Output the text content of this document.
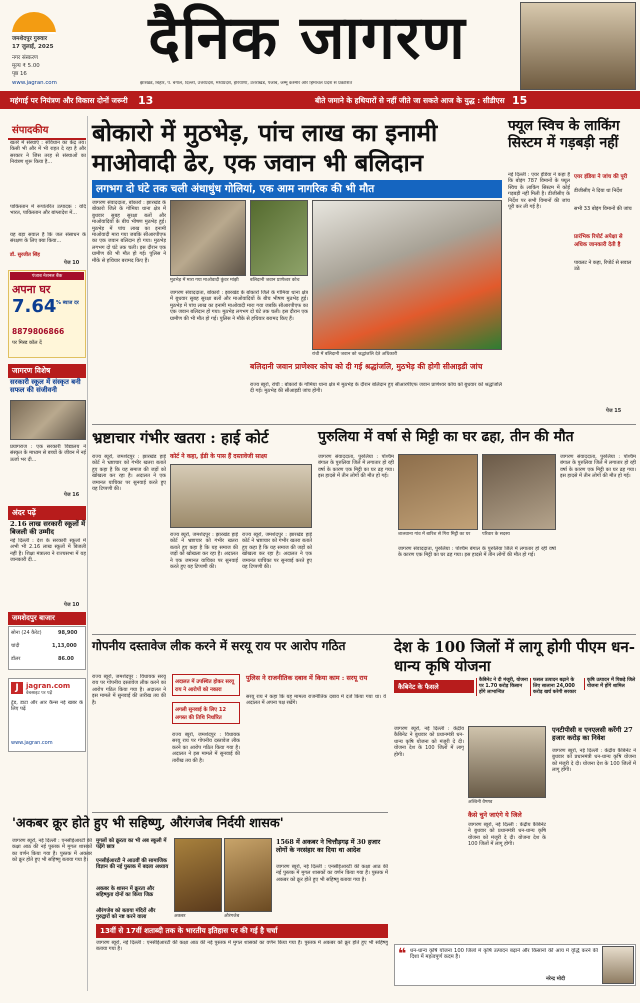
जमशेदपुर गुरुवार
17 जुलाई, 2025
नगर संस्करण
मूल्य ₹ 5.00
पृष्ठ 16
www.jagran.com
दैनिक जागरण
झारखंड, बिहार, प. बंगाल, दिल्ली, उत्तरप्रदेश, मध्यप्रदेश, हरियाणा, उत्तराखंड, पंजाब, जम्मू कश्मीर और हिमाचल प्रदेश से प्रकाशित
महंगाई पर नियंत्रण और विकास दोनों जरूरी 13	बीते जमाने के हथियारों से नहीं जीते जा सकते आज के युद्ध : सीडीएस 15
संपादकीय
खतरे में संस्थाएं : संविधान का केंद्र तय। किसी भी और में भी राहत दे रहा है और सरकार ने जिस तरह से संस्थाओं का नियंत्रण शुरू किया है...
पाकिस्तान में रूपांतरित उत्पादक : यदि भारत, पाकिस्तान और बांग्लादेश में...
यह बड़ा सवाल है कि जल संसाधन के संरक्षण के लिए क्या किया...
डॉ. सुरजीत सिंह
पेज 10
पंजाब नेशनल बैंक
अपना घर
7.64 % ब्याज दर
8879806866
पर मिस्ड कॉल दें
जागरण विशेष
सरकारी स्कूल में संस्कृत बनी सफल की संजीवनी
प्रयागराज : एक सरकारी विद्यालय ने संस्कृत के माध्यम से बच्चों के जीवन में नई ऊर्जा भर दी...
पेज 16
अंदर पढ़ें
2.16 लाख सरकारी स्कूलों में बिजली की उम्मीद
नई दिल्ली : देश के सरकारी स्कूलों में अभी भी 2.16 लाख स्कूलों में बिजली नहीं है। शिक्षा मंत्रालय ने राज्यसभा में यह जानकारी दी...
पेज 10
जमशेदपुर बाजार
सोना (24 कैरेट)	98,900
चांदी	1,13,000
डॉलर	86.00
J	jagran.com
वेबसाइट पर पढ़ें
ट्रेंड, डाटा और आर कैन्स नई खबर के लिए पढ़ें
www.jagran.com
बोकारो में मुठभेड़, पांच लाख का इनामी माओवादी ढेर, एक जवान भी बलिदान
लगभग दो घंटे तक चली अंधाधुंध गोलियां, एक आम नागरिक की भी मौत
जागरण संवाददाता, बोकारो : झारखंड के बोकारो जिले के गोमिया थाना क्षेत्र में बुधवार सुबह सुरक्षा बलों और माओवादियों के बीच भीषण मुठभेड़ हुई। मुठभेड़ में पांच लाख का इनामी माओवादी मारा गया जबकि सीआरपीएफ का एक जवान बलिदान हो गया। मुठभेड़ लगभग दो घंटे तक चली। इस दौरान एक ग्रामीण की भी मौत हो गई। पुलिस ने मौके से हथियार बरामद किए हैं।
मुठभेड़ में मारा गया माओवादी कुंवर मांझी	बलिदानी जवान प्राणेश्वर कोच
रांची में बलिदानी जवान को श्रद्धांजलि देते अधिकारी
जागरण संवाददाता, बोकारो : झारखंड के बोकारो जिले के गोमिया थाना क्षेत्र में बुधवार सुबह सुरक्षा बलों और माओवादियों के बीच भीषण मुठभेड़ हुई। मुठभेड़ में पांच लाख का इनामी माओवादी मारा गया जबकि सीआरपीएफ का एक जवान बलिदान हो गया। मुठभेड़ लगभग दो घंटे तक चली। इस दौरान एक ग्रामीण की भी मौत हो गई। पुलिस ने मौके से हथियार बरामद किए हैं।
बलिदानी जवान प्राणेश्वर कोच को दी गई श्रद्धांजलि, मुठभेड़ की होगी सीआइडी जांच
राज्य ब्यूरो, रांची : बोकारो के गोमिया थाना क्षेत्र में मुठभेड़ के दौरान बलिदान हुए सीआरपीएफ जवान प्राणेश्वर कोच को बुधवार को श्रद्धांजलि दी गई। मुठभेड़ की सीआइडी जांच होगी।
फ्यूल स्विच के लाकिंग सिस्टम में गड़बड़ी नहीं
नई दिल्ली : एयर इंडिया ने कहा है कि बोइंग 787 विमानों के फ्यूल स्विच के लाकिंग सिस्टम में कोई गड़बड़ी नहीं मिली है। डीजीसीए के निर्देश पर सभी विमानों की जांच पूरी कर ली गई है।
एयर इंडिया ने जांच की पूरी
डीजीसीए ने दिया था निर्देश
सभी 33 बोइंग विमानों की जांच
प्रारंभिक रिपोर्ट अपेक्षा से अधिक जानकारी देती है
पायलट ने कहा, रिपोर्ट से सवाल उठे
पेज 15
भ्रष्टाचार गंभीर खतरा : हाई कोर्ट
राज्य ब्यूरो, जमशेदपुर : झारखंड हाई कोर्ट ने भ्रष्टाचार को गंभीर खतरा बताते हुए कहा है कि यह समाज की जड़ों को खोखला कर रहा है। अदालत ने एक जमानत याचिका पर सुनवाई करते हुए यह टिप्पणी की।
कोर्ट ने कहा, ईडी के पास हैं दस्तावेजी साक्ष्य
राज्य ब्यूरो, जमशेदपुर : झारखंड हाई कोर्ट ने भ्रष्टाचार को गंभीर खतरा बताते हुए कहा है कि यह समाज की जड़ों को खोखला कर रहा है। अदालत ने एक जमानत याचिका पर सुनवाई करते हुए यह टिप्पणी की।
राज्य ब्यूरो, जमशेदपुर : झारखंड हाई कोर्ट ने भ्रष्टाचार को गंभीर खतरा बताते हुए कहा है कि यह समाज की जड़ों को खोखला कर रहा है। अदालत ने एक जमानत याचिका पर सुनवाई करते हुए यह टिप्पणी की।
पुरुलिया में वर्षा से मिट्टी का घर ढहा, तीन की मौत
जागरण संवाददाता, पुरुलिया : पश्चिम बंगाल के पुरुलिया जिले में लगातार हो रही वर्षा के कारण एक मिट्टी का घर ढह गया। इस हादसे में तीन लोगों की मौत हो गई।
शालवाना गांव में बारिश से गिरा मिट्टी का घर	परिवार के सदस्य
जागरण संवाददाता, पुरुलिया : पश्चिम बंगाल के पुरुलिया जिले में लगातार हो रही वर्षा के कारण एक मिट्टी का घर ढह गया। इस हादसे में तीन लोगों की मौत हो गई।
जागरण संवाददाता, पुरुलिया : पश्चिम बंगाल के पुरुलिया जिले में लगातार हो रही वर्षा के कारण एक मिट्टी का घर ढह गया। इस हादसे में तीन लोगों की मौत हो गई।
गोपनीय दस्तावेज लीक करने में सरयू राय पर आरोप गठित
राज्य ब्यूरो, जमशेदपुर : विधायक सरयू राय पर गोपनीय दस्तावेज लीक करने का आरोप गठित किया गया है। अदालत ने इस मामले में सुनवाई की तारीख तय की है।
अदालत में उपस्थित होकर सरयू राय ने आरोपों को नकारा
अगली सुनवाई के लिए 12 अगस्त की तिथि निर्धारित
राज्य ब्यूरो, जमशेदपुर : विधायक सरयू राय पर गोपनीय दस्तावेज लीक करने का आरोप गठित किया गया है। अदालत ने इस मामले में सुनवाई की तारीख तय की है।
पुलिस ने राजनीतिक दबाव में किया काम : सरयू राय
सरयू राय ने कहा कि यह मामला राजनीतिक दबाव में दर्ज किया गया था। वे अदालत में अपना पक्ष रखेंगे।
देश के 100 जिलों में लागू होगी पीएम धन-धान्य कृषि योजना
कैबिनेट के फैसले
कैबिनेट ने दी मंजूरी, योजना पर 1.70 करोड़ किसान होंगे लाभान्वित
फसल उत्पादन बढ़ाने के लिए सालाना 24,000 करोड़ खर्च करेगी सरकार
कृषि उत्पादन में पिछड़े जिले योजना में होंगे शामिल
जागरण ब्यूरो, नई दिल्ली : केंद्रीय कैबिनेट ने बुधवार को प्रधानमंत्री धन-धान्य कृषि योजना को मंजूरी दे दी। योजना देश के 100 जिलों में लागू होगी।
अश्विनी वैष्णव
कैसे चुने जाएंगे ये जिले
एनटीपीसी व एनएलसी करेंगी 27 हजार करोड़ का निवेश
जागरण ब्यूरो, नई दिल्ली : केंद्रीय कैबिनेट ने बुधवार को प्रधानमंत्री धन-धान्य कृषि योजना को मंजूरी दे दी। योजना देश के 100 जिलों में लागू होगी।
जागरण ब्यूरो, नई दिल्ली : केंद्रीय कैबिनेट ने बुधवार को प्रधानमंत्री धन-धान्य कृषि योजना को मंजूरी दे दी। योजना देश के 100 जिलों में लागू होगी।
'अकबर क्रूर होते हुए भी सहिष्णु, औरंगजेब निर्दयी शासक'
जागरण ब्यूरो, नई दिल्ली : एनसीईआरटी की कक्षा आठ की नई पुस्तक में मुगल शासकों का वर्णन किया गया है। पुस्तक में अकबर को क्रूर होते हुए भी सहिष्णु बताया गया है।
मुगलों को क्रूरता का भी अब स्कूली में पढ़ेंगे छात्र
एनसीईआरटी ने आठवीं की सामाजिक विज्ञान की नई पुस्तक में बदला अध्याय
अकबर के शासन में क्रूरता और सहिष्णुता दोनों का किया जिक्र
औरंगजेब को बताया मंदिरों और गुरुद्वारों को नष्ट करने वाला	अकबर	औरंगजेब
1568 में अकबर ने चित्तौड़गढ़ में 30 हजार लोगों के नरसंहार का दिया था आदेश
जागरण ब्यूरो, नई दिल्ली : एनसीईआरटी की कक्षा आठ की नई पुस्तक में मुगल शासकों का वर्णन किया गया है। पुस्तक में अकबर को क्रूर होते हुए भी सहिष्णु बताया गया है।
13वीं से 17वीं शताब्दी तक के भारतीय इतिहास पर की गई है चर्चा
जागरण ब्यूरो, नई दिल्ली : एनसीईआरटी की कक्षा आठ की नई पुस्तक में मुगल शासकों का वर्णन किया गया है। पुस्तक में अकबर को क्रूर होते हुए भी सहिष्णु बताया गया है।	❝ धन-धान्य कृषि योजना 100 जिलों में कृषि उत्पादन बढ़ाने और किसानों की आय में वृद्धि करने की दिशा में महत्वपूर्ण कदम है।
नरेन्द्र मोदी
